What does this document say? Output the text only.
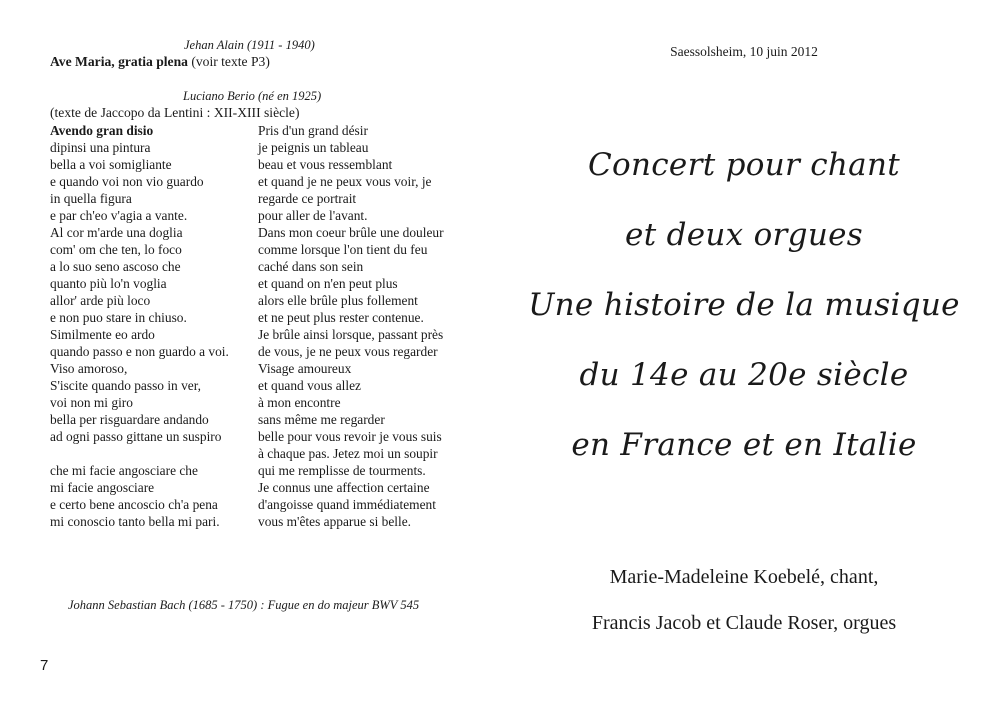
Jehan Alain (1911 - 1940)
Ave Maria, gratia plena (voir texte P3)
Luciano Berio (né en 1925)
(texte de Jaccopo da Lentini : XII-XIII siècle)
Avendo gran disio
dipinsi una pintura
bella a voi somigliante
e quando voi non vio guardo
in quella figura
e par ch'eo v'agia a vante.
Al cor m'arde una doglia
com' om che ten, lo foco
a lo suo seno ascoso che
quanto più lo'n voglia
allor' arde più loco
e non puo stare in chiuso.
Similmente eo ardo
quando passo e non guardo a voi.
Viso amoroso,
S'iscite quando passo in ver,
voi non mi giro
bella per risguardare andando
ad ogni passo gittane un suspiro
che mi facie angosciare che
mi facie angosciare
e certo bene ancoscio ch'a pena
mi conoscio tanto bella mi pari.
Pris d'un grand désir
je peignis un tableau
beau et vous ressemblant
et quand je ne peux vous voir, je
regarde ce portrait
pour aller de l'avant.
Dans mon coeur brûle une douleur
comme lorsque l'on tient du feu
caché dans son sein
et quand on n'en peut plus
alors elle brûle plus follement
et ne peut plus rester contenue.
Je brûle ainsi lorsque, passant près
de vous, je ne peux vous regarder
Visage amoureux
et quand vous allez
à mon encontre
sans même me regarder
belle pour vous revoir je vous suis
à chaque pas. Jetez moi un soupir
qui me remplisse de tourments.
Je connus une affection certaine
d'angoisse quand immédiatement
vous m'êtes apparue si belle.
Johann Sebastian Bach (1685 - 1750) : Fugue en do majeur BWV 545
7
Saessolsheim, 10 juin 2012
Concert pour chant
et deux orgues
Une histoire de la musique
du 14e au 20e siècle
en France et en Italie
Marie-Madeleine Koebelé, chant,
Francis Jacob et Claude Roser, orgues
